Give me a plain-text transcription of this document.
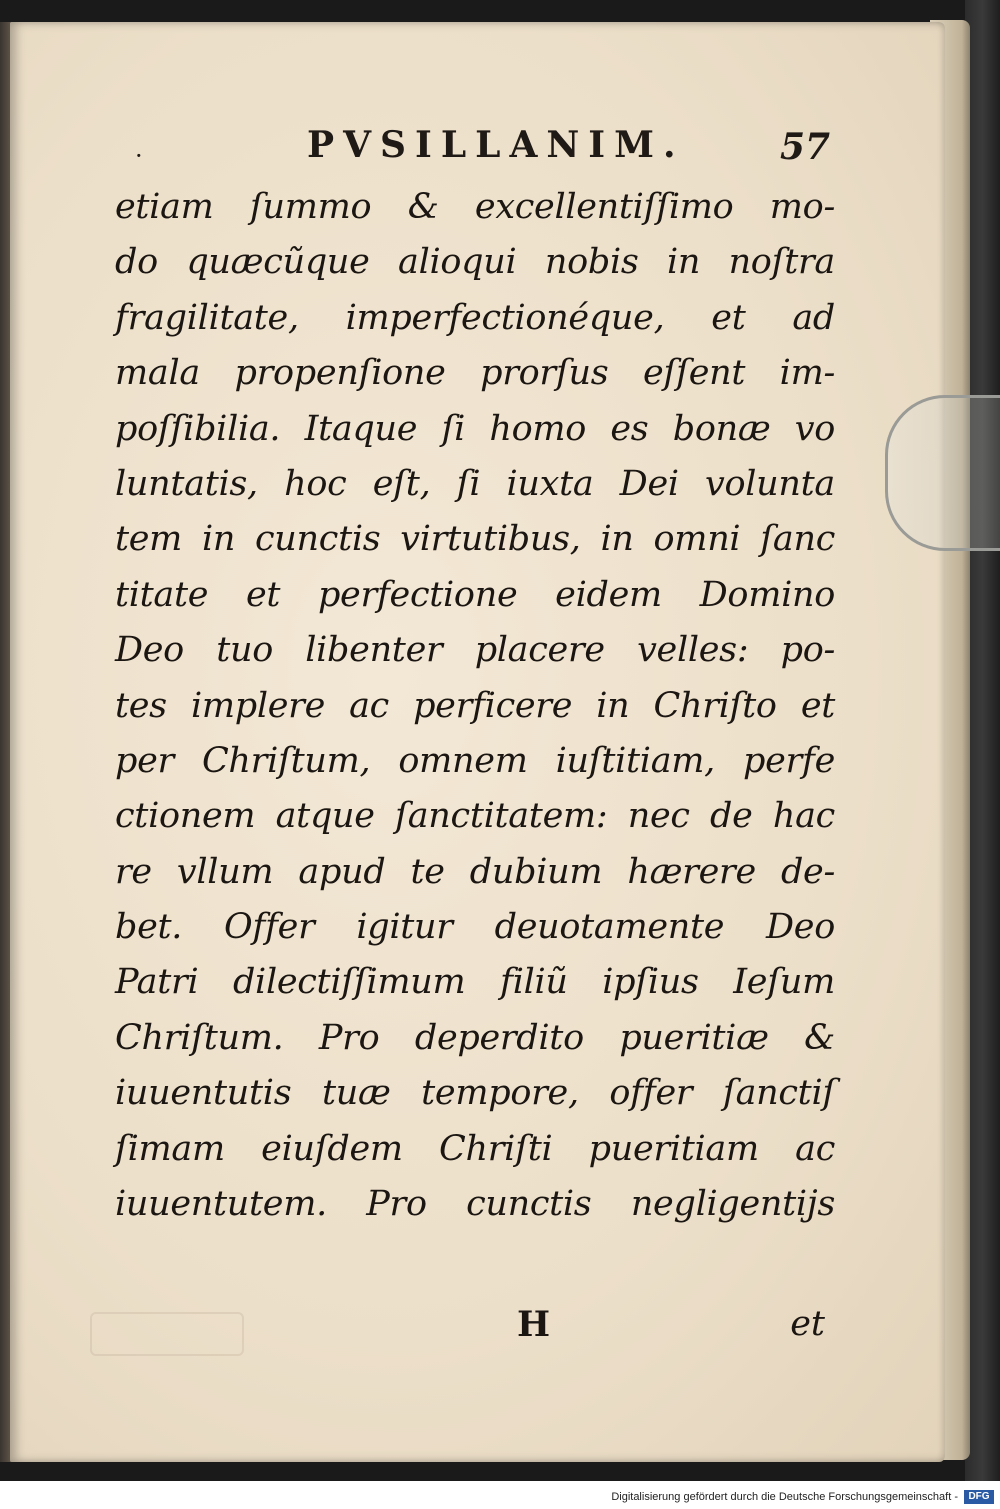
·	PVSILLANIM.	57
etiam ſummo & excellentiſſimo mo-
do quæcũque alioqui nobis in noſtra
fragilitate, imperfectionéque, et ad
mala propenſione prorſus eſſent im-
poſſibilia. Itaque ſi homo es bonæ vo
luntatis, hoc eſt, ſi iuxta Dei volunta
tem in cunctis virtutibus, in omni ſanc
titate et perfectione eidem Domino
Deo tuo libenter placere velles: po-
tes implere ac perficere in Chriſto et
per Chriſtum, omnem iuſtitiam, perfe
ctionem atque ſanctitatem: nec de hac
re vllum apud te dubium hærere de-
bet. Offer igitur deuotamente Deo
Patri dilectiſſimum filiũ ipſius Ieſum
Chriſtum. Pro deperdito pueritiæ &
iuuentutis tuæ tempore, offer ſanctiſ
ſimam eiuſdem Chriſti pueritiam ac
iuuentutem. Pro cunctis negligentijs
H	et
Digitalisierung gefördert durch die Deutsche Forschungsgemeinschaft -	DFG
